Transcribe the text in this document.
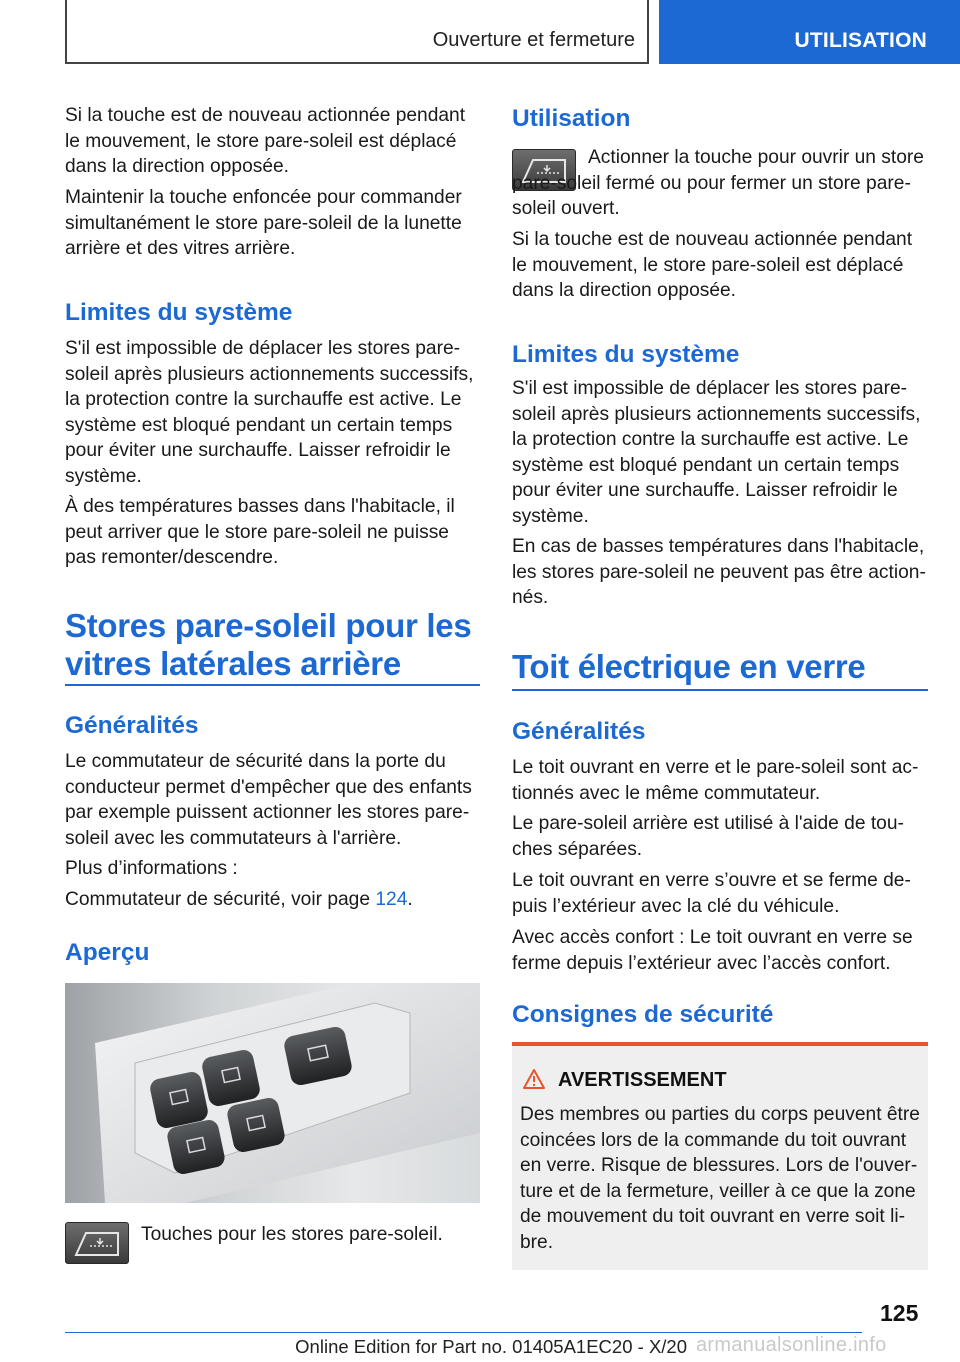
Ouverture et fermeture	UTILISATION

Si la touche est de nouveau actionnée pendant le mouvement, le store pare-soleil est déplacé dans la direction opposée.

Maintenir la touche enfoncée pour commander simultanément le store pare-soleil de la lunette arrière et des vitres arrière.

Limites du système

S'il est impossible de déplacer les stores pare-soleil après plusieurs actionnements successifs, la protection contre la surchauffe est active. Le système est bloqué pendant un certain temps pour éviter une surchauffe. Laisser refroidir le système.

À des températures basses dans l'habitacle, il peut arriver que le store pare-soleil ne puisse pas remonter/descendre.

Stores pare-soleil pour les vitres latérales arrière
Généralités

Le commutateur de sécurité dans la porte du conducteur permet d'empêcher que des enfants par exemple puissent actionner les stores pare-soleil avec les commutateurs à l'arrière.

Plus d’informations :

Commutateur de sécurité, voir page 124.

Aperçu

Touches pour les stores pare-soleil.

Utilisation

Actionner la touche pour ouvrir un store pare-soleil fermé ou pour fermer un store pare-soleil ouvert.

Si la touche est de nouveau actionnée pendant le mouvement, le store pare-soleil est déplacé dans la direction opposée.

Limites du système

S'il est impossible de déplacer les stores pare-soleil après plusieurs actionnements successifs, la protection contre la surchauffe est active. Le système est bloqué pendant un certain temps pour éviter une surchauffe. Laisser refroidir le système.

En cas de basses températures dans l'habitacle, les stores pare-soleil ne peuvent pas être actionnés.

Toit électrique en verre
Généralités

Le toit ouvrant en verre et le pare-soleil sont actionnés avec le même commutateur.

Le pare-soleil arrière est utilisé à l'aide de touches séparées.

Le toit ouvrant en verre s’ouvre et se ferme depuis l’extérieur avec la clé du véhicule.

Avec accès confort : Le toit ouvrant en verre se ferme depuis l’extérieur avec l’accès confort.

Consignes de sécurité
AVERTISSEMENT

Des membres ou parties du corps peuvent être coincées lors de la commande du toit ouvrant en verre. Risque de blessures. Lors de l'ouverture et de la fermeture, veiller à ce que la zone de mouvement du toit ouvrant en verre soit libre.

125
Online Edition for Part no. 01405A1EC20 - X/20 armanualsonline.info
